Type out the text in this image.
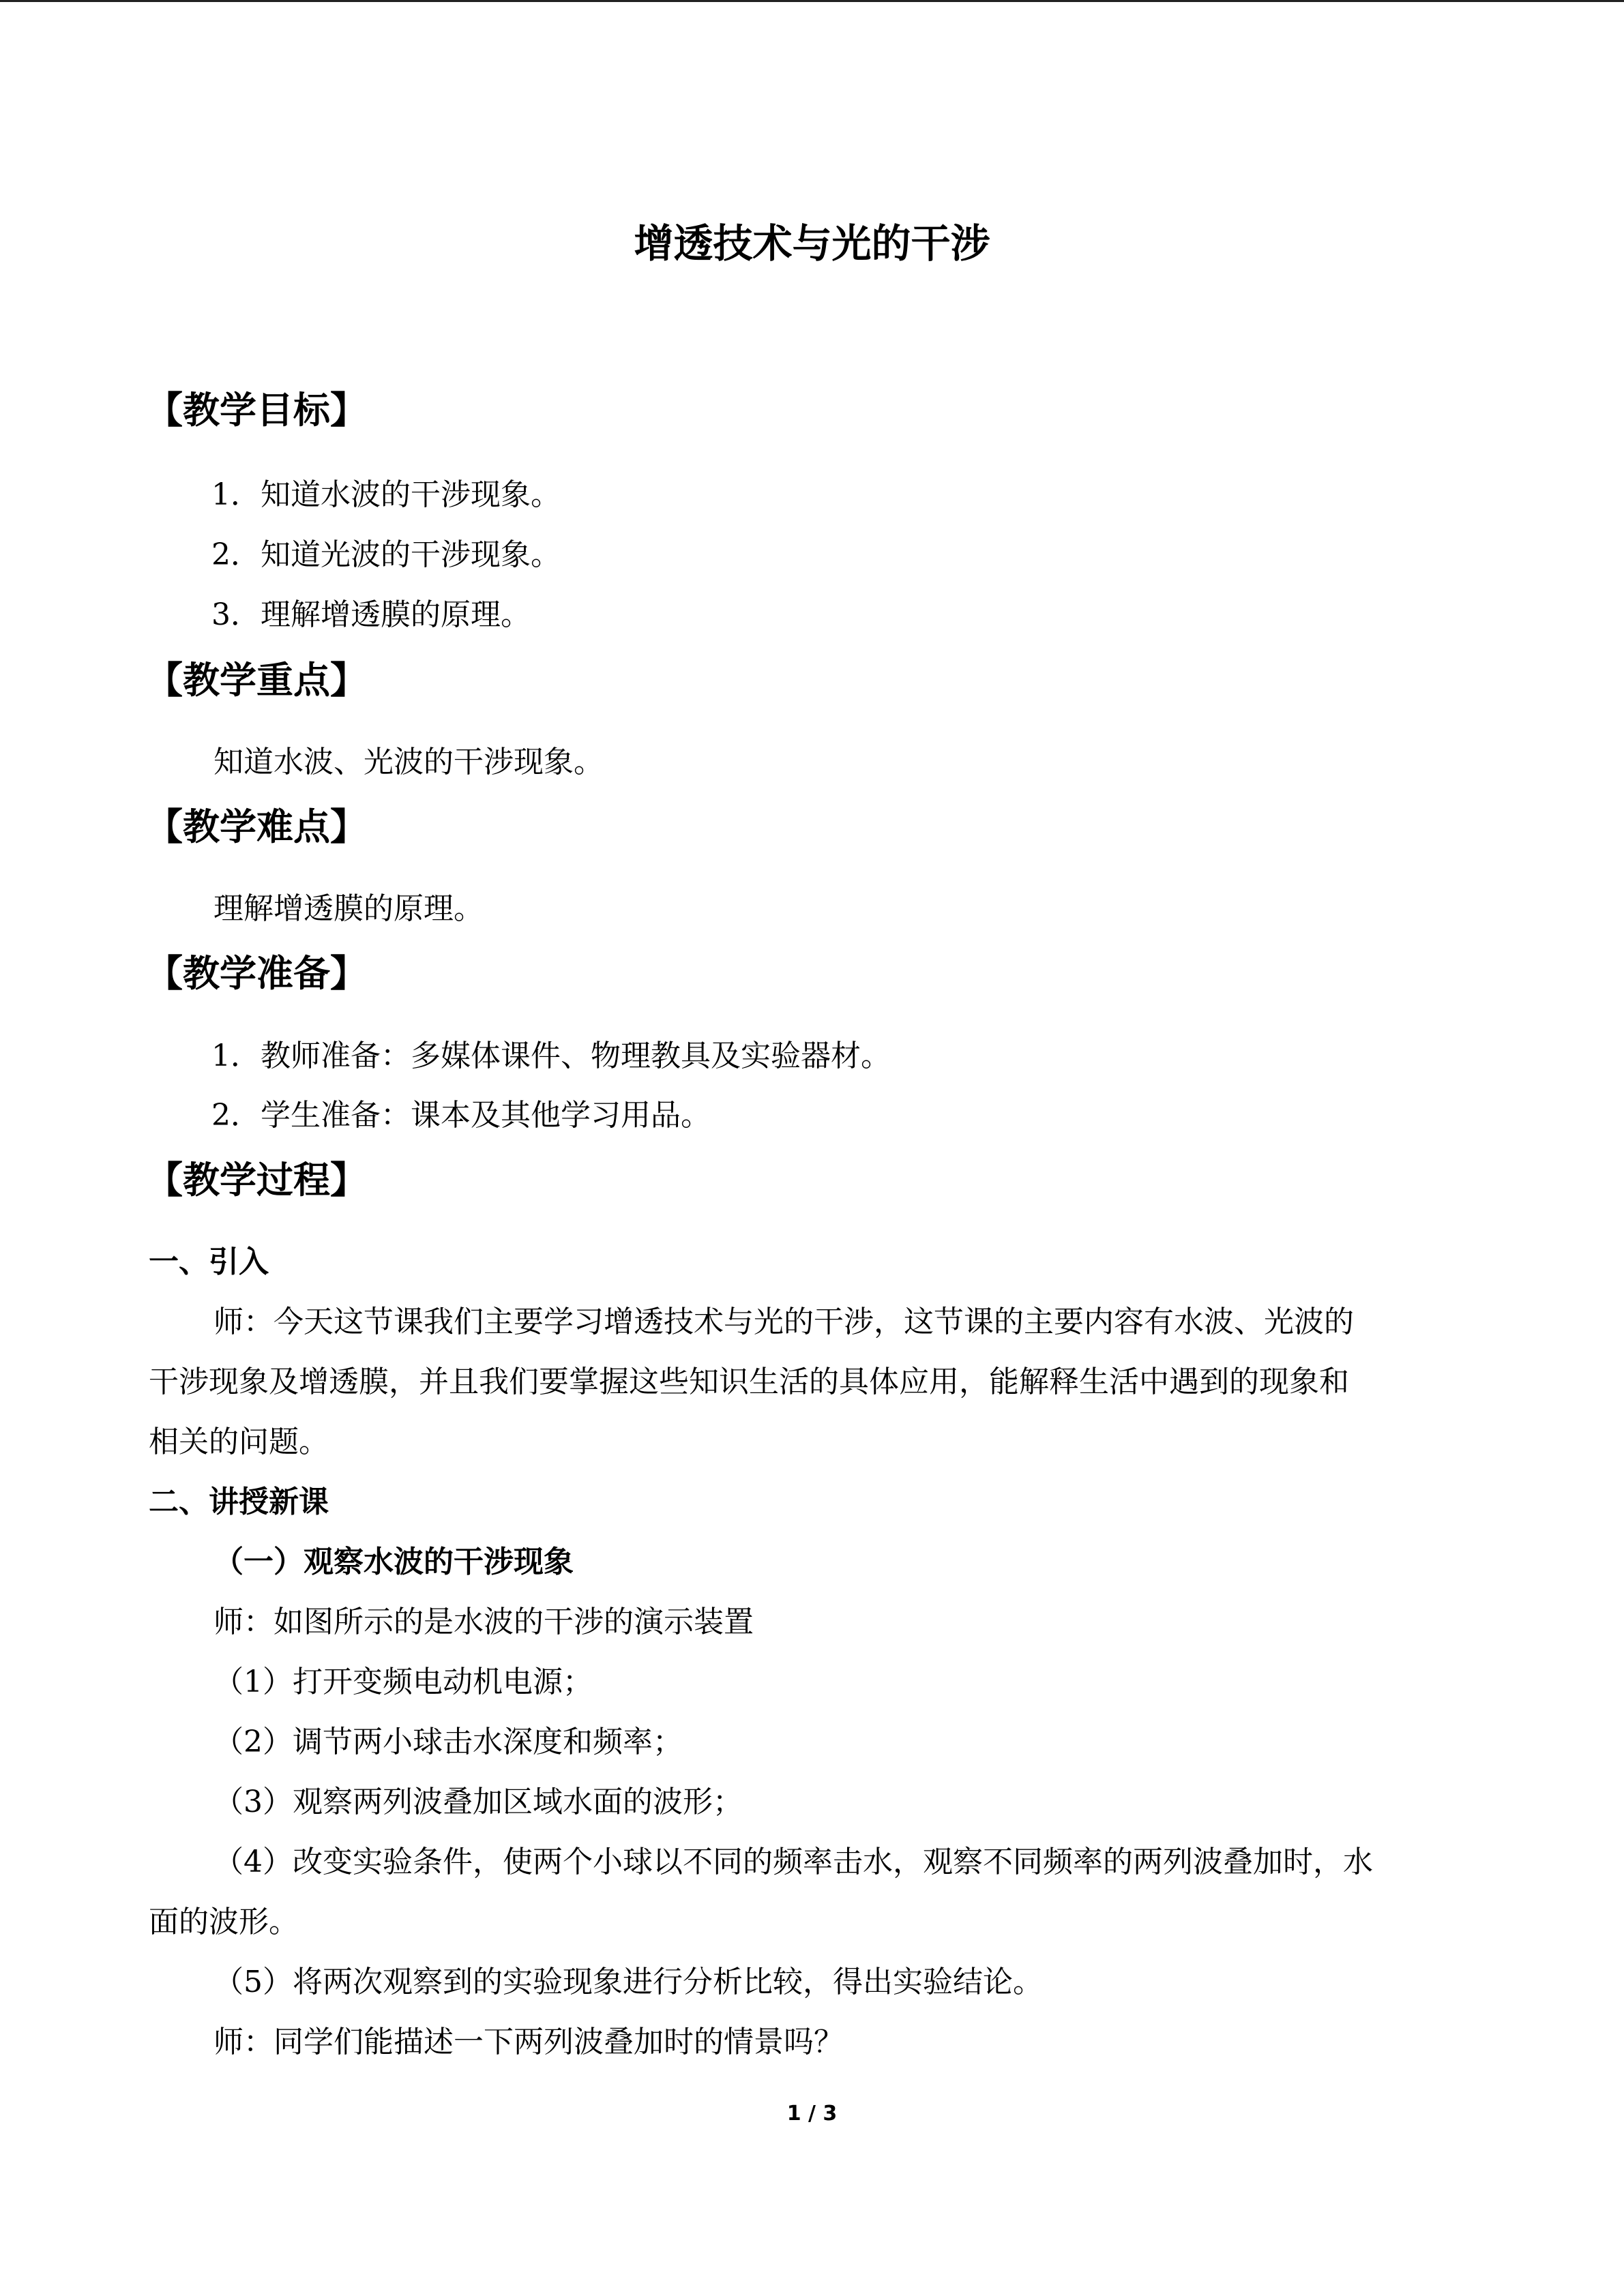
增透技术与光的干涉
【教学目标】
1．知道水波的干涉现象。
2．知道光波的干涉现象。
3．理解增透膜的原理。
【教学重点】
知道水波、光波的干涉现象。
【教学难点】
理解增透膜的原理。
【教学准备】
1．教师准备：多媒体课件、物理教具及实验器材。
2．学生准备：课本及其他学习用品。
【教学过程】
一、引入
师：今天这节课我们主要学习增透技术与光的干涉，这节课的主要内容有水波、光波的
干涉现象及增透膜，并且我们要掌握这些知识生活的具体应用，能解释生活中遇到的现象和
相关的问题。
二、讲授新课
（一）观察水波的干涉现象
师：如图所示的是水波的干涉的演示装置
（1）打开变频电动机电源；
（2）调节两小球击水深度和频率；
（3）观察两列波叠加区域水面的波形；
（4）改变实验条件，使两个小球以不同的频率击水，观察不同频率的两列波叠加时，水
面的波形。
（5）将两次观察到的实验现象进行分析比较，得出实验结论。
师：同学们能描述一下两列波叠加时的情景吗？
1 / 3
